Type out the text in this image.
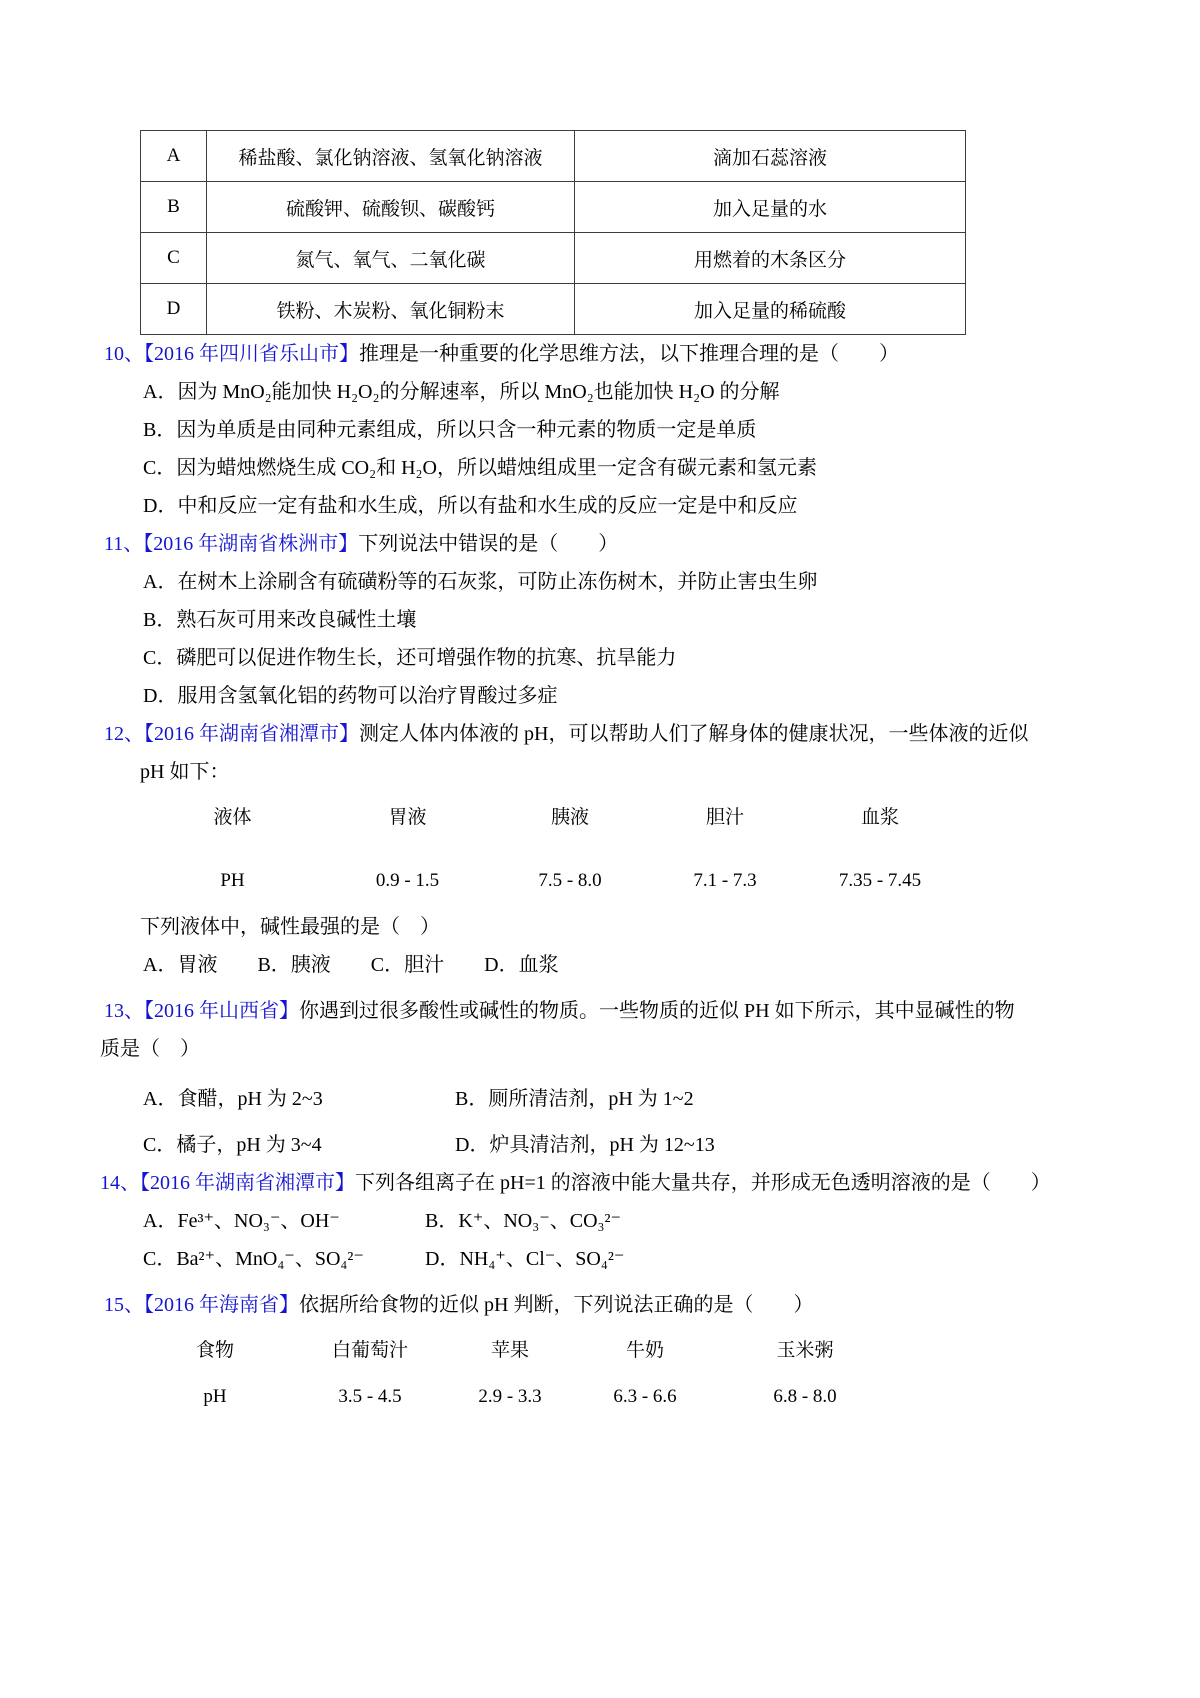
A	稀盐酸、氯化钠溶液、氢氧化钠溶液	滴加石蕊溶液
B	硫酸钾、硫酸钡、碳酸钙	加入足量的水
C	氮气、氧气、二氧化碳	用燃着的木条区分
D	铁粉、木炭粉、氧化铜粉末	加入足量的稀硫酸

10、【2016 年四川省乐山市】推理是一种重要的化学思维方法，以下推理合理的是（　　）

A．因为 MnO₂能加快 H₂O₂的分解速率，所以 MnO₂也能加快 H₂O 的分解

B．因为单质是由同种元素组成，所以只含一种元素的物质一定是单质

C．因为蜡烛燃烧生成 CO₂和 H₂O，所以蜡烛组成里一定含有碳元素和氢元素

D．中和反应一定有盐和水生成，所以有盐和水生成的反应一定是中和反应

11、【2016 年湖南省株洲市】下列说法中错误的是（　　）

A．在树木上涂刷含有硫磺粉等的石灰浆，可防止冻伤树木，并防止害虫生卵

B．熟石灰可用来改良碱性土壤

C．磷肥可以促进作物生长，还可增强作物的抗寒、抗旱能力

D．服用含氢氧化铝的药物可以治疗胃酸过多症

12、【2016 年湖南省湘潭市】测定人体内体液的 pH，可以帮助人们了解身体的健康状况，一些体液的近似

pH 如下：

液体	胃液	胰液	胆汁	血浆
PH	0.9 - 1.5	7.5 - 8.0	7.1 - 7.3	7.35 - 7.45

下列液体中，碱性最强的是（　）

A．胃液 B．胰液 C．胆汁 D．血浆

13、【2016 年山西省】你遇到过很多酸性或碱性的物质。一些物质的近似 PH 如下所示，其中显碱性的物

质是（　）

A．食醋，pH 为 2~3	B．厕所清洁剂，pH 为 1~2
C．橘子，pH 为 3~4	D．炉具清洁剂，pH 为 12~13

14、【2016 年湖南省湘潭市】下列各组离子在 pH=1 的溶液中能大量共存，并形成无色透明溶液的是（　　）

A．Fe³⁺、NO₃⁻、OH⁻	B．K⁺、NO₃⁻、CO₃²⁻
C．Ba²⁺、MnO₄⁻、SO₄²⁻	D．NH₄⁺、Cl⁻、SO₄²⁻

15、【2016 年海南省】依据所给食物的近似 pH 判断，下列说法正确的是（　　）

食物	白葡萄汁	苹果	牛奶	玉米粥
pH	3.5 - 4.5	2.9 - 3.3	6.3 - 6.6	6.8 - 8.0
